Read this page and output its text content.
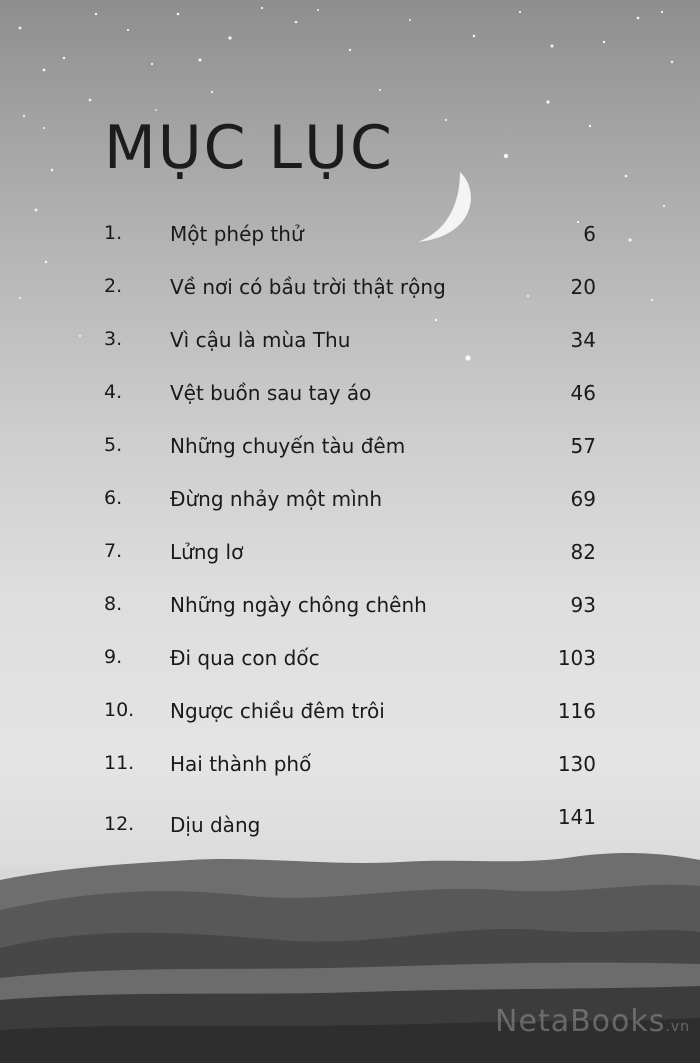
MỤC LỤC
1. Một phép thử	6
2. Về nơi có bầu trời thật rộng	20
3. Vì cậu là mùa Thu	34
4. Vệt buồn sau tay áo	46
5. Những chuyến tàu đêm	57
6. Đừng nhảy một mình	69
7. Lửng lơ	82
8. Những ngày chông chênh	93
9. Đi qua con dốc	103
10. Ngược chiều đêm trôi	116
11. Hai thành phố	130
12. Dịu dàng	141
NetaBooks.vn
